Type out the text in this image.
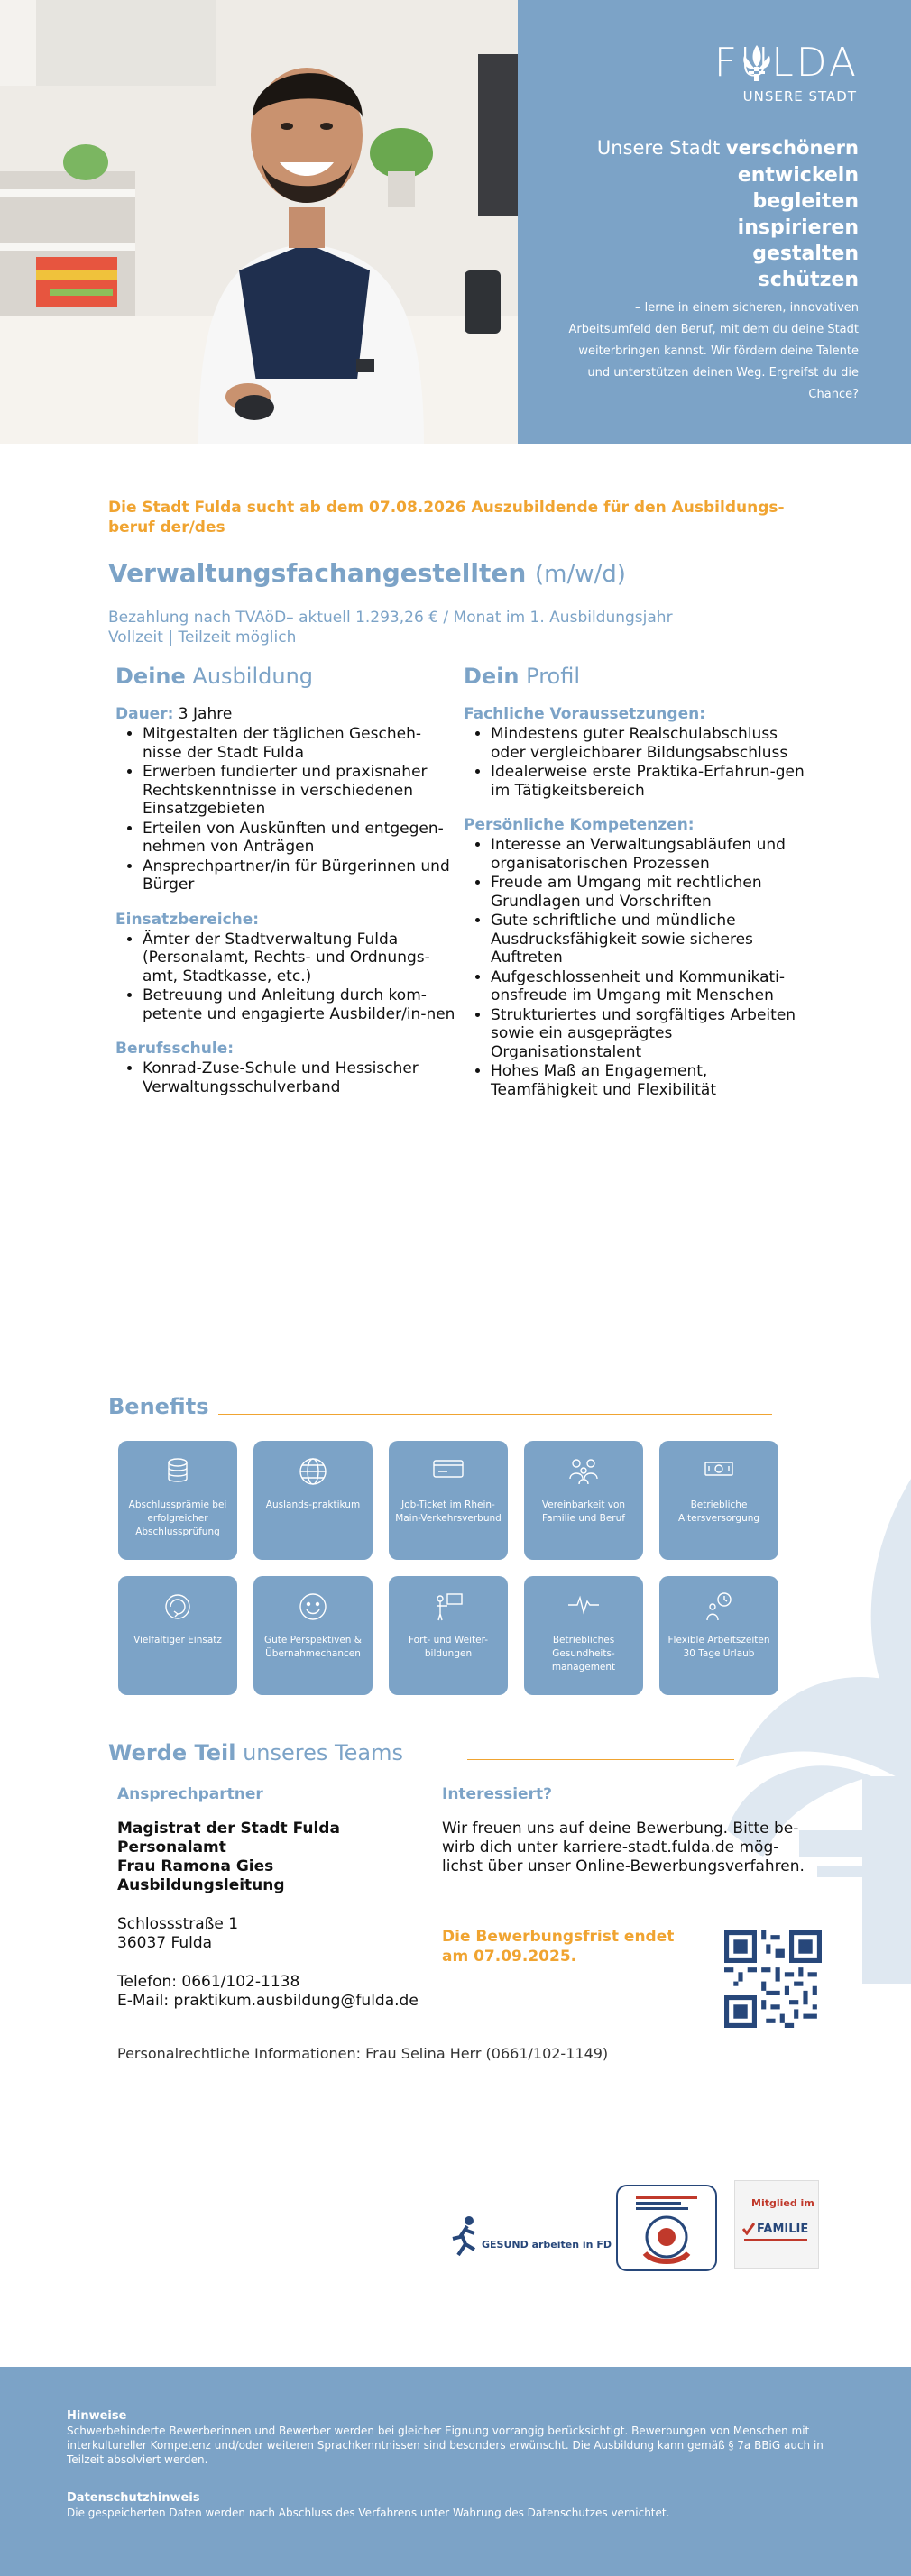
FULDA
UNSERE STADT
Unsere Stadt verschönern
entwickeln
begleiten
inspirieren
gestalten
schützen
– lerne in einem sicheren, innovativen Arbeitsumfeld den Beruf, mit dem du deine Stadt weiterbringen kannst. Wir fördern deine Talente und unterstützen deinen Weg. Ergreifst du die Chance?
Die Stadt Fulda sucht ab dem 07.08.2026 Auszubildende für den Ausbildungs-beruf der/des
Verwaltungsfachangestellten (m/w/d)
Bezahlung nach TVAöD– aktuell 1.293,26 € / Monat im 1. Ausbildungsjahr
Vollzeit | Teilzeit möglich
Deine Ausbildung
Dauer: 3 Jahre
• Mitgestalten der täglichen Gescheh-nisse der Stadt Fulda
• Erwerben fundierter und praxisnaher Rechtskenntnisse in verschiedenen Einsatzgebieten
• Erteilen von Auskünften und entgegen-nehmen von Anträgen
• Ansprechpartner/in für Bürgerinnen und Bürger
Einsatzbereiche:
• Ämter der Stadtverwaltung Fulda (Personalamt, Rechts- und Ordnungs-amt, Stadtkasse, etc.)
• Betreuung und Anleitung durch kom-petente und engagierte Ausbilder/in-nen
Berufsschule:
• Konrad-Zuse-Schule und Hessischer Verwaltungsschulverband
Dein Profil
Fachliche Voraussetzungen:
• Mindestens guter Realschulabschluss oder vergleichbarer Bildungsabschluss
• Idealerweise erste Praktika-Erfahrun-gen im Tätigkeitsbereich
Persönliche Kompetenzen:
• Interesse an Verwaltungsabläufen und organisatorischen Prozessen
• Freude am Umgang mit rechtlichen Grundlagen und Vorschriften
• Gute schriftliche und mündliche Ausdrucksfähigkeit sowie sicheres Auftreten
• Aufgeschlossenheit und Kommunikati-onsfreude im Umgang mit Menschen
• Strukturiertes und sorgfältiges Arbeiten sowie ein ausgeprägtes Organisationstalent
• Hohes Maß an Engagement, Teamfähigkeit und Flexibilität
Benefits
Abschlussprämie bei erfolgreicher Abschlussprüfung
Auslands-praktikum	Job-Ticket im Rhein-Main-Verkehrsverbund
Vereinbarkeit von Familie und Beruf
Betriebliche Altersversorgung
Vielfältiger Einsatz	Gute Perspektiven & Übernahmechancen
Fort- und Weiter-bildungen
Betriebliches Gesundheits-management
Flexible Arbeitszeiten 30 Tage Urlaub
Werde Teil unseres Teams
Ansprechpartner
Magistrat der Stadt Fulda
Personalamt
Frau Ramona Gies
Ausbildungsleitung
Schlossstraße 1
36037 Fulda
Telefon: 0661/102-1138
E-Mail: praktikum.ausbildung@fulda.de
Personalrechtliche Informationen: Frau Selina Herr (0661/102-1149)
Interessiert?
Wir freuen uns auf deine Bewerbung. Bitte be-wirb dich unter karriere-stadt.fulda.de mög-lichst über unser Online-Bewerbungsverfahren.
Die Bewerbungsfrist endet am 07.09.2025.
GESUND arbeiten in FD
Mitglied im
FAMILIE
Hinweise
Schwerbehinderte Bewerberinnen und Bewerber werden bei gleicher Eignung vorrangig berücksichtigt. Bewerbungen von Menschen mit interkultureller Kompetenz und/oder weiteren Sprachkenntnissen sind besonders erwünscht. Die Ausbildung kann gemäß § 7a BBiG auch in Teilzeit absolviert werden.
Datenschutzhinweis
Die gespeicherten Daten werden nach Abschluss des Verfahrens unter Wahrung des Datenschutzes vernichtet.
